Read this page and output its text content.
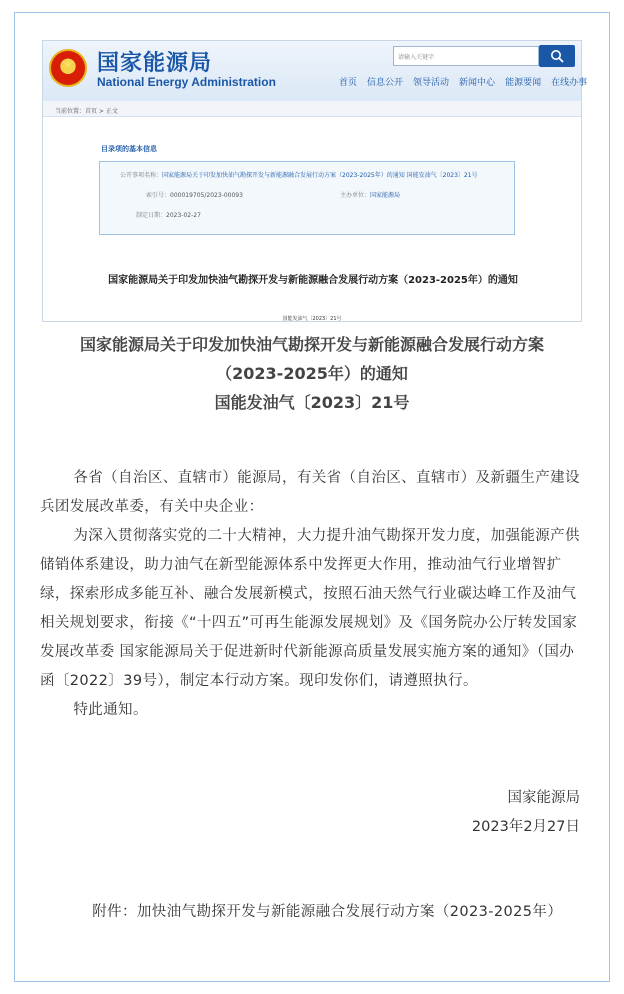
国家能源局
National Energy Administration
请输入关键字
首页 信息公开 领导活动 新闻中心 能源要闻 在线办事
当前位置：首页 > 正文
目录项的基本信息
公开事项名称：国家能源局关于印发加快油气勘探开发与新能源融合发展行动方案（2023-2025年）的通知 国能发油气〔2023〕21号
索引号：000019705/2023-00093	主办单位：国家能源局
制定日期：2023-02-27
国家能源局关于印发加快油气勘探开发与新能源融合发展行动方案（2023-2025年）的通知
国能发油气〔2023〕21号
国家能源局关于印发加快油气勘探开发与新能源融合发展行动方案
（2023-2025年）的通知
国能发油气〔2023〕21号

各省（自治区、直辖市）能源局，有关省（自治区、直辖市）及新疆生产建设兵团发展改革委，有关中央企业：

为深入贯彻落实党的二十大精神，大力提升油气勘探开发力度，加强能源产供储销体系建设，助力油气在新型能源体系中发挥更大作用，推动油气行业增智扩绿，探索形成多能互补、融合发展新模式，按照石油天然气行业碳达峰工作及油气相关规划要求，衔接《“十四五”可再生能源发展规划》及《国务院办公厅转发国家发展改革委 国家能源局关于促进新时代新能源高质量发展实施方案的通知》（国办函〔2022〕39号），制定本行动方案。现印发你们，请遵照执行。

特此通知。

国家能源局
2023年2月27日
附件：加快油气勘探开发与新能源融合发展行动方案（2023-2025年）
